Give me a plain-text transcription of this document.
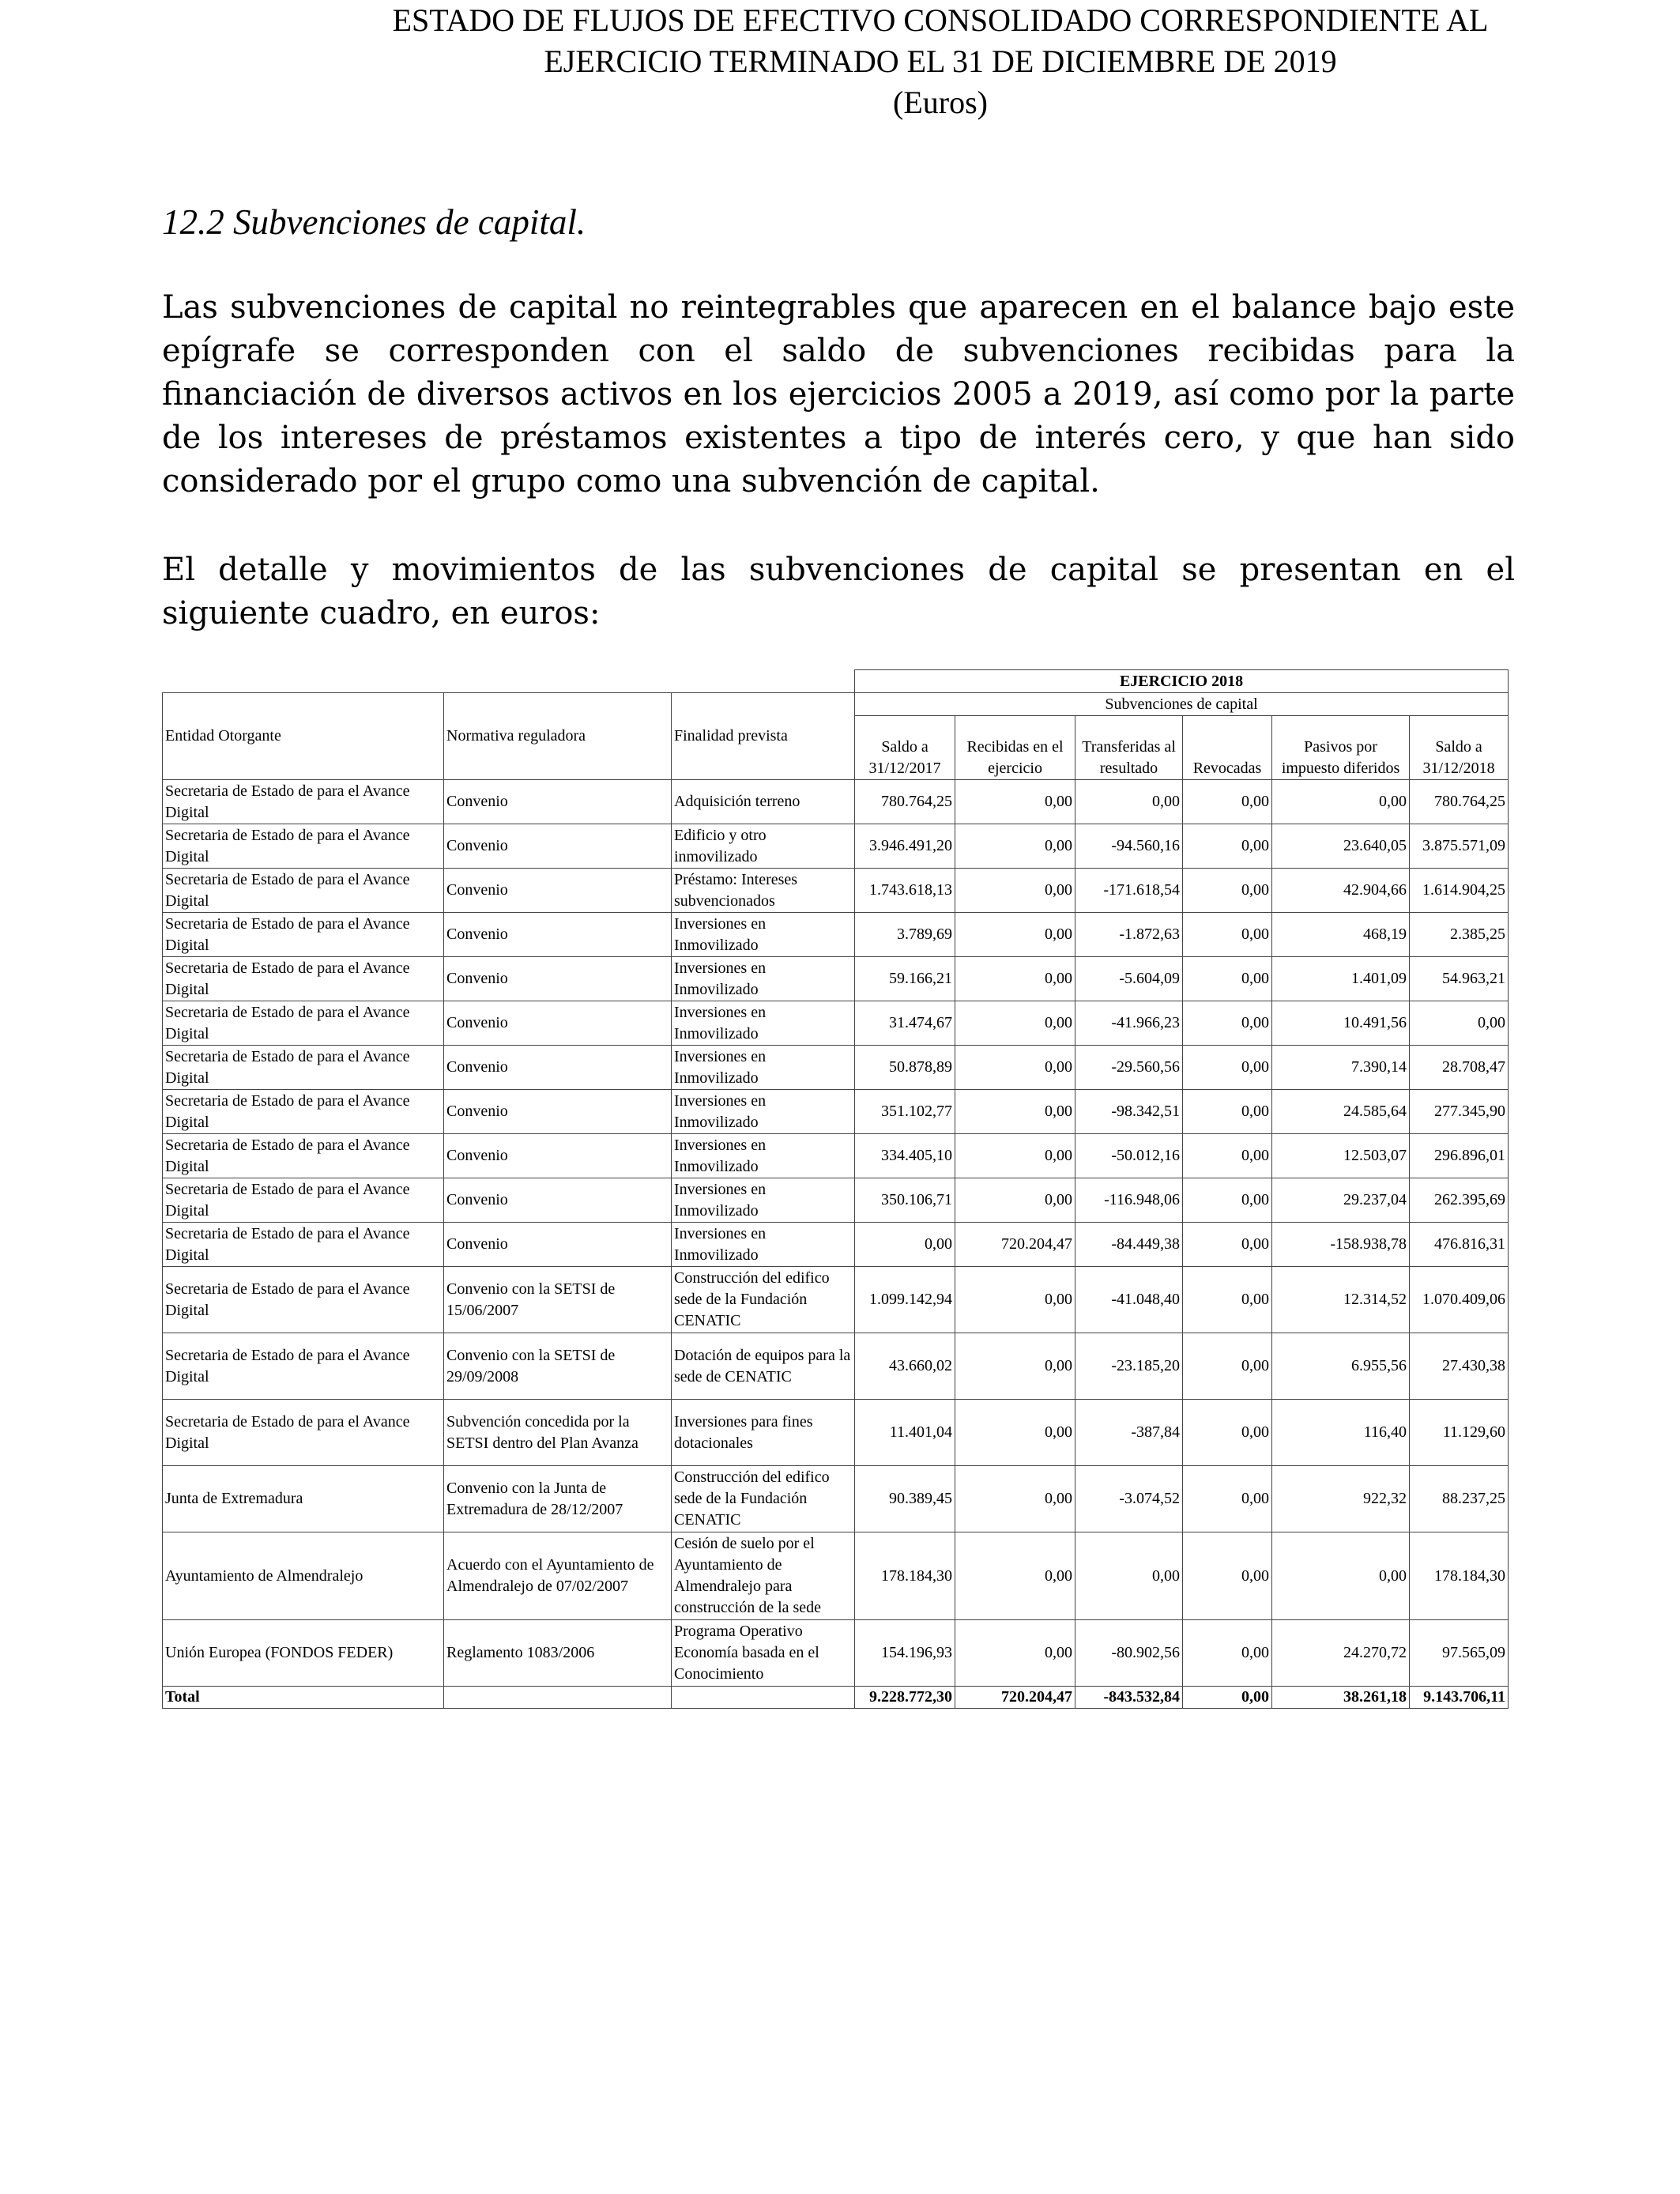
ESTADO DE FLUJOS DE EFECTIVO CONSOLIDADO CORRESPONDIENTE AL
EJERCICIO TERMINADO EL 31 DE DICIEMBRE DE 2019
(Euros)
12.2 Subvenciones de capital.

Las subvenciones de capital no reintegrables que aparecen en el balance bajo este epígrafe se corresponden con el saldo de subvenciones recibidas para la financiación de diversos activos en los ejercicios 2005 a 2019, así como por la parte de los intereses de préstamos existentes a tipo de interés cero, y que han sido considerado por el grupo como una subvención de capital.

El detalle y movimientos de las subvenciones de capital se presentan en el siguiente cuadro, en euros:

			EJERCICIO 2018					
Entidad Otorgante	Normativa reguladora	Finalidad prevista	Subvenciones de capital					
			Saldo a 31/12/2017	Recibidas en el ejercicio	Transferidas al resultado	Revocadas	Pasivos por impuesto diferidos	Saldo a 31/12/2018
Secretaria de Estado de para el Avance Digital	Convenio	Adquisición terreno	780.764,25	0,00	0,00	0,00	0,00	780.764,25
Secretaria de Estado de para el Avance Digital	Convenio	Edificio y otro inmovilizado	3.946.491,20	0,00	-94.560,16	0,00	23.640,05	3.875.571,09
Secretaria de Estado de para el Avance Digital	Convenio	Préstamo: Intereses subvencionados	1.743.618,13	0,00	-171.618,54	0,00	42.904,66	1.614.904,25
Secretaria de Estado de para el Avance Digital	Convenio	Inversiones en Inmovilizado	3.789,69	0,00	-1.872,63	0,00	468,19	2.385,25
Secretaria de Estado de para el Avance Digital	Convenio	Inversiones en Inmovilizado	59.166,21	0,00	-5.604,09	0,00	1.401,09	54.963,21
Secretaria de Estado de para el Avance Digital	Convenio	Inversiones en Inmovilizado	31.474,67	0,00	-41.966,23	0,00	10.491,56	0,00
Secretaria de Estado de para el Avance Digital	Convenio	Inversiones en Inmovilizado	50.878,89	0,00	-29.560,56	0,00	7.390,14	28.708,47
Secretaria de Estado de para el Avance Digital	Convenio	Inversiones en Inmovilizado	351.102,77	0,00	-98.342,51	0,00	24.585,64	277.345,90
Secretaria de Estado de para el Avance Digital	Convenio	Inversiones en Inmovilizado	334.405,10	0,00	-50.012,16	0,00	12.503,07	296.896,01
Secretaria de Estado de para el Avance Digital	Convenio	Inversiones en Inmovilizado	350.106,71	0,00	-116.948,06	0,00	29.237,04	262.395,69
Secretaria de Estado de para el Avance Digital	Convenio	Inversiones en Inmovilizado	0,00	720.204,47	-84.449,38	0,00	-158.938,78	476.816,31
Secretaria de Estado de para el Avance Digital	Convenio con la SETSI de 15/06/2007	Construcción del edifico sede de la Fundación CENATIC	1.099.142,94	0,00	-41.048,40	0,00	12.314,52	1.070.409,06
Secretaria de Estado de para el Avance Digital	Convenio con la SETSI de 29/09/2008	Dotación de equipos para la sede de CENATIC	43.660,02	0,00	-23.185,20	0,00	6.955,56	27.430,38
Secretaria de Estado de para el Avance Digital	Subvención concedida por la SETSI dentro del Plan Avanza	Inversiones para fines dotacionales	11.401,04	0,00	-387,84	0,00	116,40	11.129,60
Junta de Extremadura	Convenio con la Junta de Extremadura de 28/12/2007	Construcción del edifico sede de la Fundación CENATIC	90.389,45	0,00	-3.074,52	0,00	922,32	88.237,25
Ayuntamiento de Almendralejo	Acuerdo con el Ayuntamiento de Almendralejo de 07/02/2007	Cesión de suelo por el Ayuntamiento de Almendralejo para construcción de la sede	178.184,30	0,00	0,00	0,00	0,00	178.184,30
Unión Europea (FONDOS FEDER)	Reglamento 1083/2006	Programa Operativo Economía basada en el Conocimiento	154.196,93	0,00	-80.902,56	0,00	24.270,72	97.565,09
Total			9.228.772,30	720.204,47	-843.532,84	0,00	38.261,18	9.143.706,11
